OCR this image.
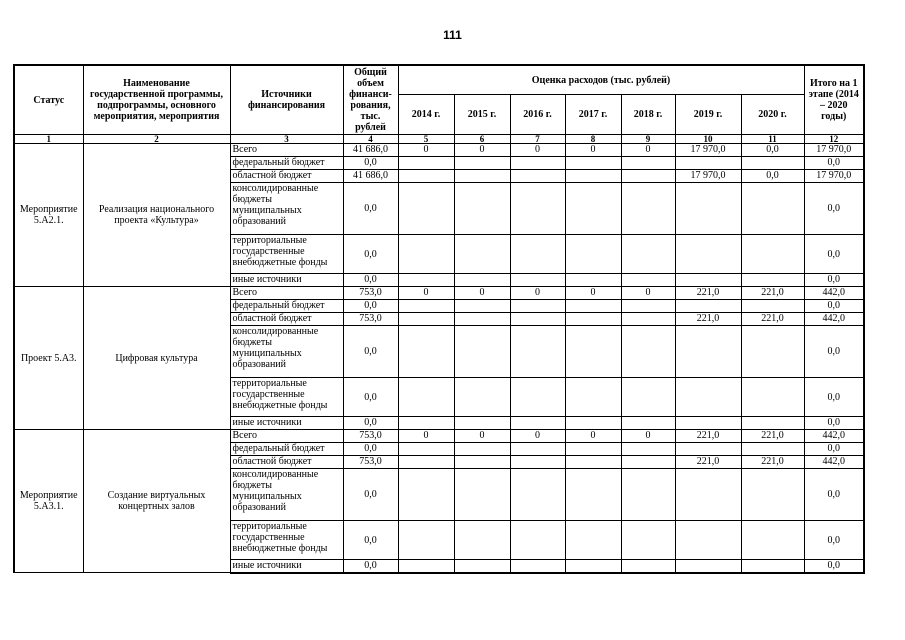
111
Статус	Наименование государственной программы, подпрограммы, основного мероприятия, мероприятия	Источники финансирования	Общий объем финанси-рования, тыс. рублей	Оценка расходов (тыс. рублей)							Итого на 1 этапе (2014 – 2020 годы)
				2014 г.	2015 г.	2016 г.	2017 г.	2018 г.	2019 г.	2020 г.	
1	2	3	4	5	6	7	8	9	10	11	12
Мероприятие 5.А2.1.	Реализация национального проекта «Культура»	Всего	41 686,0	0	0	0	0	0	17 970,0	0,0	17 970,0
		федеральный бюджет	0,0								0,0
		областной бюджет	41 686,0						17 970,0	0,0	17 970,0
		консолидированные бюджеты муниципальных образований	0,0								0,0
		территориальные государственные внебюджетные фонды	0,0								0,0
		иные источники	0,0								0,0
Проект 5.А3.	Цифровая культура	Всего	753,0	0	0	0	0	0	221,0	221,0	442,0
		федеральный бюджет	0,0								0,0
		областной бюджет	753,0						221,0	221,0	442,0
		консолидированные бюджеты муниципальных образований	0,0								0,0
		территориальные государственные внебюджетные фонды	0,0								0,0
		иные источники	0,0								0,0
Мероприятие 5.А3.1.	Создание виртуальных концертных залов	Всего	753,0	0	0	0	0	0	221,0	221,0	442,0
		федеральный бюджет	0,0								0,0
		областной бюджет	753,0						221,0	221,0	442,0
		консолидированные бюджеты муниципальных образований	0,0								0,0
		территориальные государственные внебюджетные фонды	0,0								0,0
		иные источники	0,0								0,0
